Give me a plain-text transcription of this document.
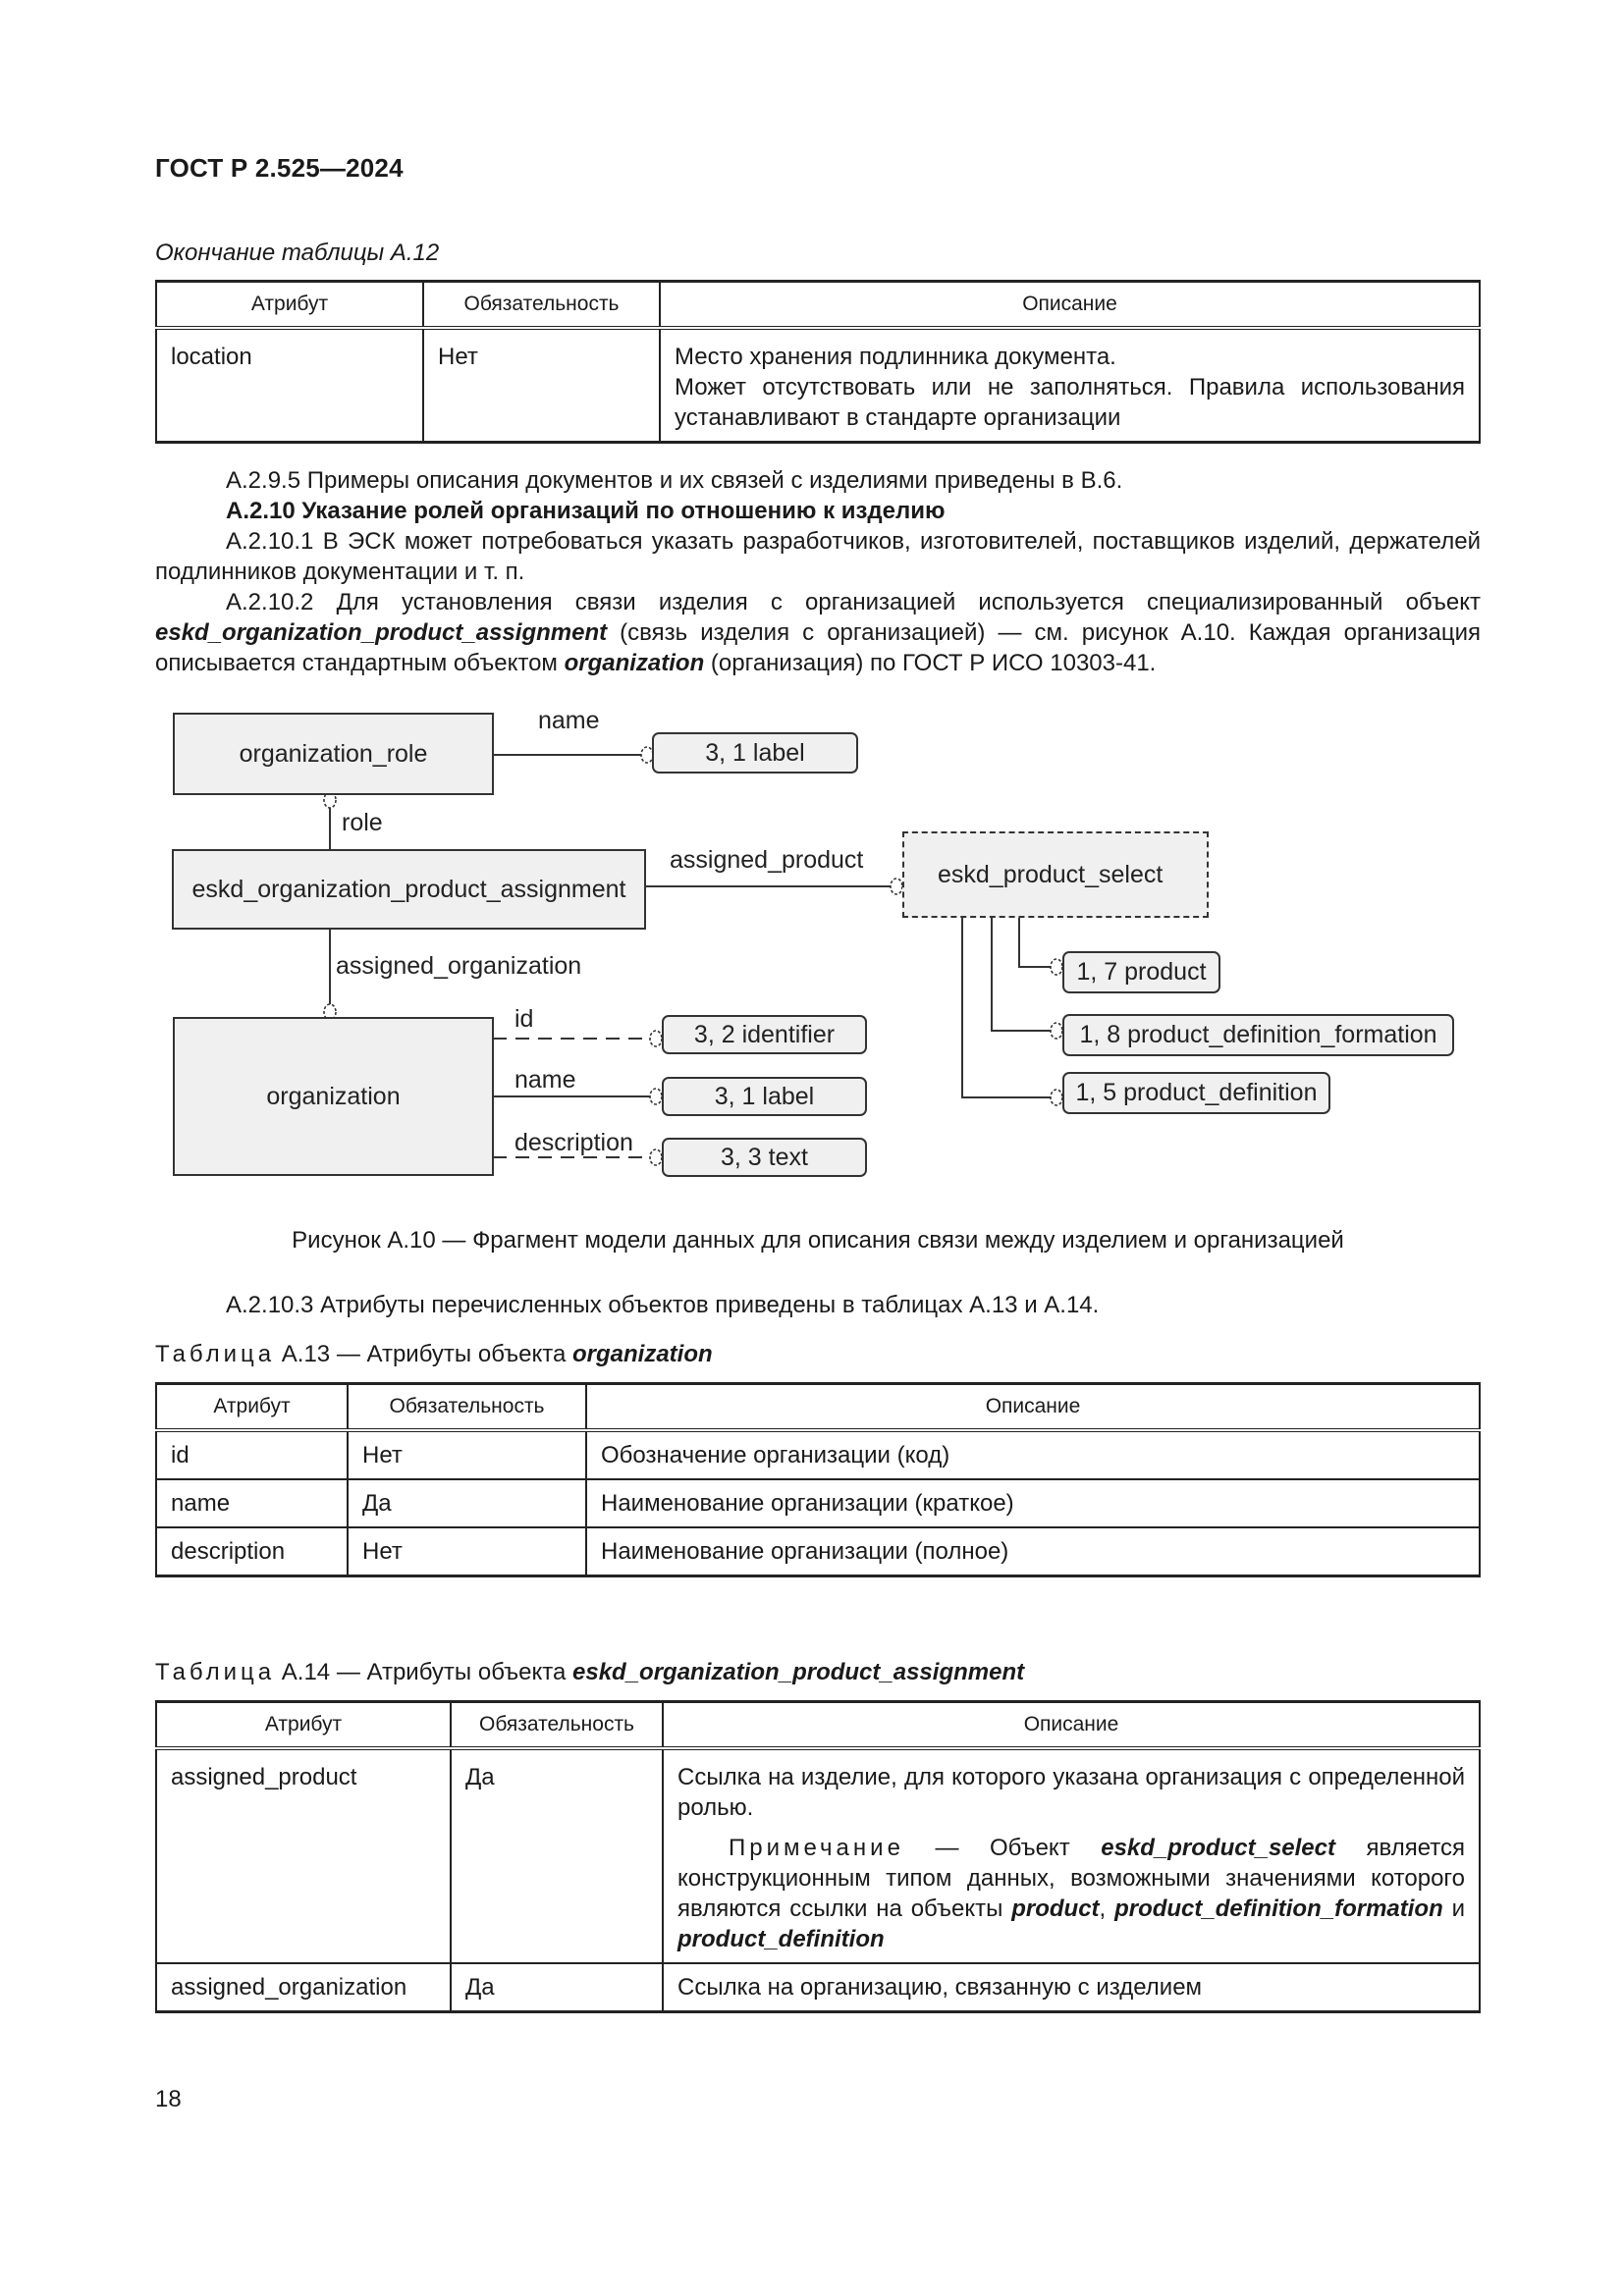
ГОСТ Р 2.525—2024
Окончание таблицы А.12
Атрибут	Обязательность	Описание
location	Нет	Место хранения подлинника документа.
Может отсутствовать или не заполняться. Правила использования устанавливают в стандарте организации
А.2.9.5 Примеры описания документов и их связей с изделиями приведены в В.6.
А.2.10 Указание ролей организаций по отношению к изделию
А.2.10.1 В ЭСК может потребоваться указать разработчиков, изготовителей, поставщиков изделий, держателей подлинников документации и т. п.
А.2.10.2 Для установления связи изделия с организацией используется специализированный объект eskd_organization_product_assignment (связь изделия с организацией) — см. рисунок А.10. Каждая организация описывается стандартным объектом organization (организация) по ГОСТ Р ИСО 10303-41.
organization_role	3, 1 label
name
role
eskd_organization_product_assignment
assigned_product
eskd_product_select
1, 7 product
1, 8 product_definition_formation
1, 5 product_definition
assigned_organization
organization
id
name
description
3, 2 identifier
3, 1 label
3, 3 text
Рисунок А.10 — Фрагмент модели данных для описания связи между изделием и организацией
А.2.10.3 Атрибуты перечисленных объектов приведены в таблицах А.13 и А.14.
Таблица А.13 — Атрибуты объекта organization
Атрибут	Обязательность	Описание
id	Нет	Обозначение организации (код)
name	Да	Наименование организации (краткое)
description	Нет	Наименование организации (полное)
Таблица А.14 — Атрибуты объекта eskd_organization_product_assignment
Атрибут	Обязательность	Описание
assigned_product	Да	Ссылка на изделие, для которого указана организация с определенной ролью.
Примечание — Объект eskd_product_select является конструкционным типом данных, возможными значениями которого являются ссылки на объекты product, product_definition_formation и product_definition

assigned_organization	Да	Ссылка на организацию, связанную с изделием
18
